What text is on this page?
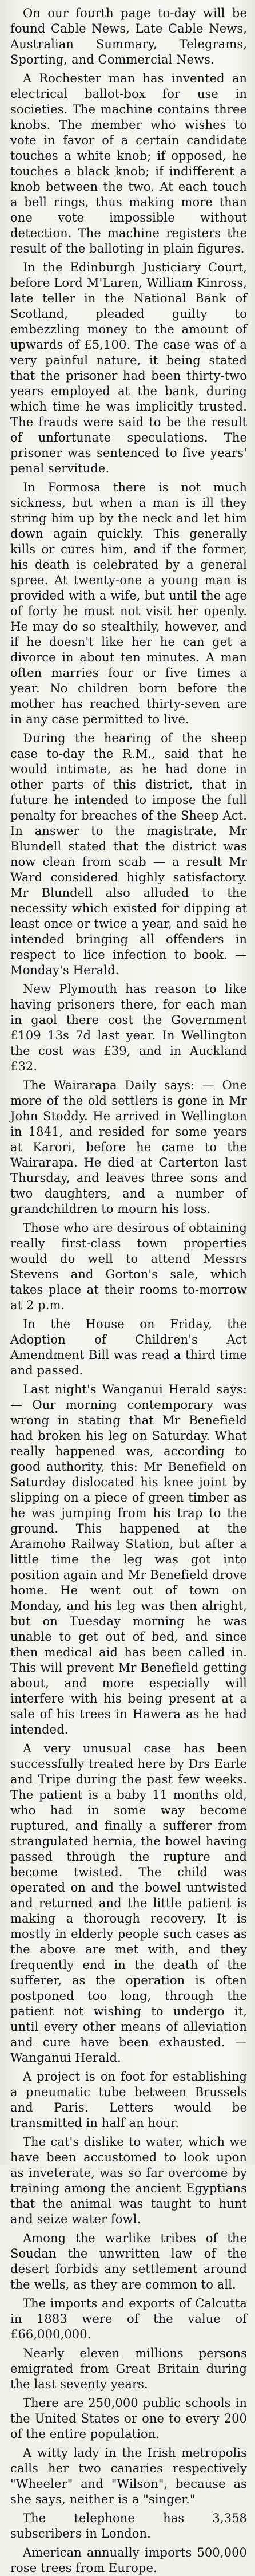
On our fourth page to-day will be found Cable News, Late Cable News, Australian Summary, Telegrams, Sporting, and Commercial News.

A Rochester man has invented an electrical ballot-box for use in societies. The machine contains three knobs. The member who wishes to vote in favor of a certain candidate touches a white knob; if opposed, he touches a black knob; if indifferent a knob between the two. At each touch a bell rings, thus making more than one vote impossible without detection. The machine registers the result of the balloting in plain figures.

In the Edinburgh Justiciary Court, before Lord M'Laren, William Kinross, late teller in the National Bank of Scotland, pleaded guilty to embezzling money to the amount of upwards of £5,100. The case was of a very painful nature, it being stated that the prisoner had been thirty-two years employed at the bank, during which time he was implicitly trusted. The frauds were said to be the result of unfortunate speculations. The prisoner was sentenced to five years' penal servitude.

In Formosa there is not much sickness, but when a man is ill they string him up by the neck and let him down again quickly. This generally kills or cures him, and if the former, his death is celebrated by a general spree. At twenty-one a young man is provided with a wife, but until the age of forty he must not visit her openly. He may do so stealthily, however, and if he doesn't like her he can get a divorce in about ten minutes. A man often marries four or five times a year. No children born before the mother has reached thirty-seven are in any case permitted to live.

During the hearing of the sheep case to-day the R.M., said that he would intimate, as he had done in other parts of this district, that in future he intended to impose the full penalty for breaches of the Sheep Act. In answer to the magistrate, Mr Blundell stated that the district was now clean from scab — a result Mr Ward considered highly satisfactory. Mr Blundell also alluded to the necessity which existed for dipping at least once or twice a year, and said he intended bringing all offenders in respect to lice infection to book. — Monday's Herald.

New Plymouth has reason to like having prisoners there, for each man in gaol there cost the Government £109 13s 7d last year. In Wellington the cost was £39, and in Auckland £32.

The Wairarapa Daily says: — One more of the old settlers is gone in Mr John Stoddy. He arrived in Wellington in 1841, and resided for some years at Karori, before he came to the Wairarapa. He died at Carterton last Thursday, and leaves three sons and two daughters, and a number of grandchildren to mourn his loss.

Those who are desirous of obtaining really first-class town properties would do well to attend Messrs Stevens and Gorton's sale, which takes place at their rooms to-morrow at 2 p.m.

In the House on Friday, the Adoption of Children's Act Amendment Bill was read a third time and passed.

Last night's Wanganui Herald says: — Our morning contemporary was wrong in stating that Mr Benefield had broken his leg on Saturday. What really happened was, according to good authority, this: Mr Benefield on Saturday dislocated his knee joint by slipping on a piece of green timber as he was jumping from his trap to the ground. This happened at the Aramoho Railway Station, but after a little time the leg was got into position again and Mr Benefield drove home. He went out of town on Monday, and his leg was then alright, but on Tuesday morning he was unable to get out of bed, and since then medical aid has been called in. This will prevent Mr Benefield getting about, and more especially will interfere with his being present at a sale of his trees in Hawera as he had intended.

A very unusual case has been successfully treated here by Drs Earle and Tripe during the past few weeks. The patient is a baby 11 months old, who had in some way become ruptured, and finally a sufferer from strangulated hernia, the bowel having passed through the rupture and become twisted. The child was operated on and the bowel untwisted and returned and the little patient is making a thorough recovery. It is mostly in elderly people such cases as the above are met with, and they frequently end in the death of the sufferer, as the operation is often postponed too long, through the patient not wishing to undergo it, until every other means of alleviation and cure have been exhausted. — Wanganui Herald.

A project is on foot for establishing a pneumatic tube between Brussels and Paris. Letters would be transmitted in half an hour.

The cat's dislike to water, which we have been accustomed to look upon as inveterate, was so far overcome by training among the ancient Egyptians that the animal was taught to hunt and seize water fowl.

Among the warlike tribes of the Soudan the unwritten law of the desert forbids any settlement around the wells, as they are common to all.

The imports and exports of Calcutta in 1883 were of the value of £66,000,000.

Nearly eleven millions persons emigrated from Great Britain during the last seventy years.

There are 250,000 public schools in the United States or one to every 200 of the entire population.

A witty lady in the Irish metropolis calls her two canaries respectively "Wheeler" and "Wilson", because as she says, neither is a "singer."

The telephone has 3,358 subscribers in London.

American annually imports 500,000 rose trees from Europe.
